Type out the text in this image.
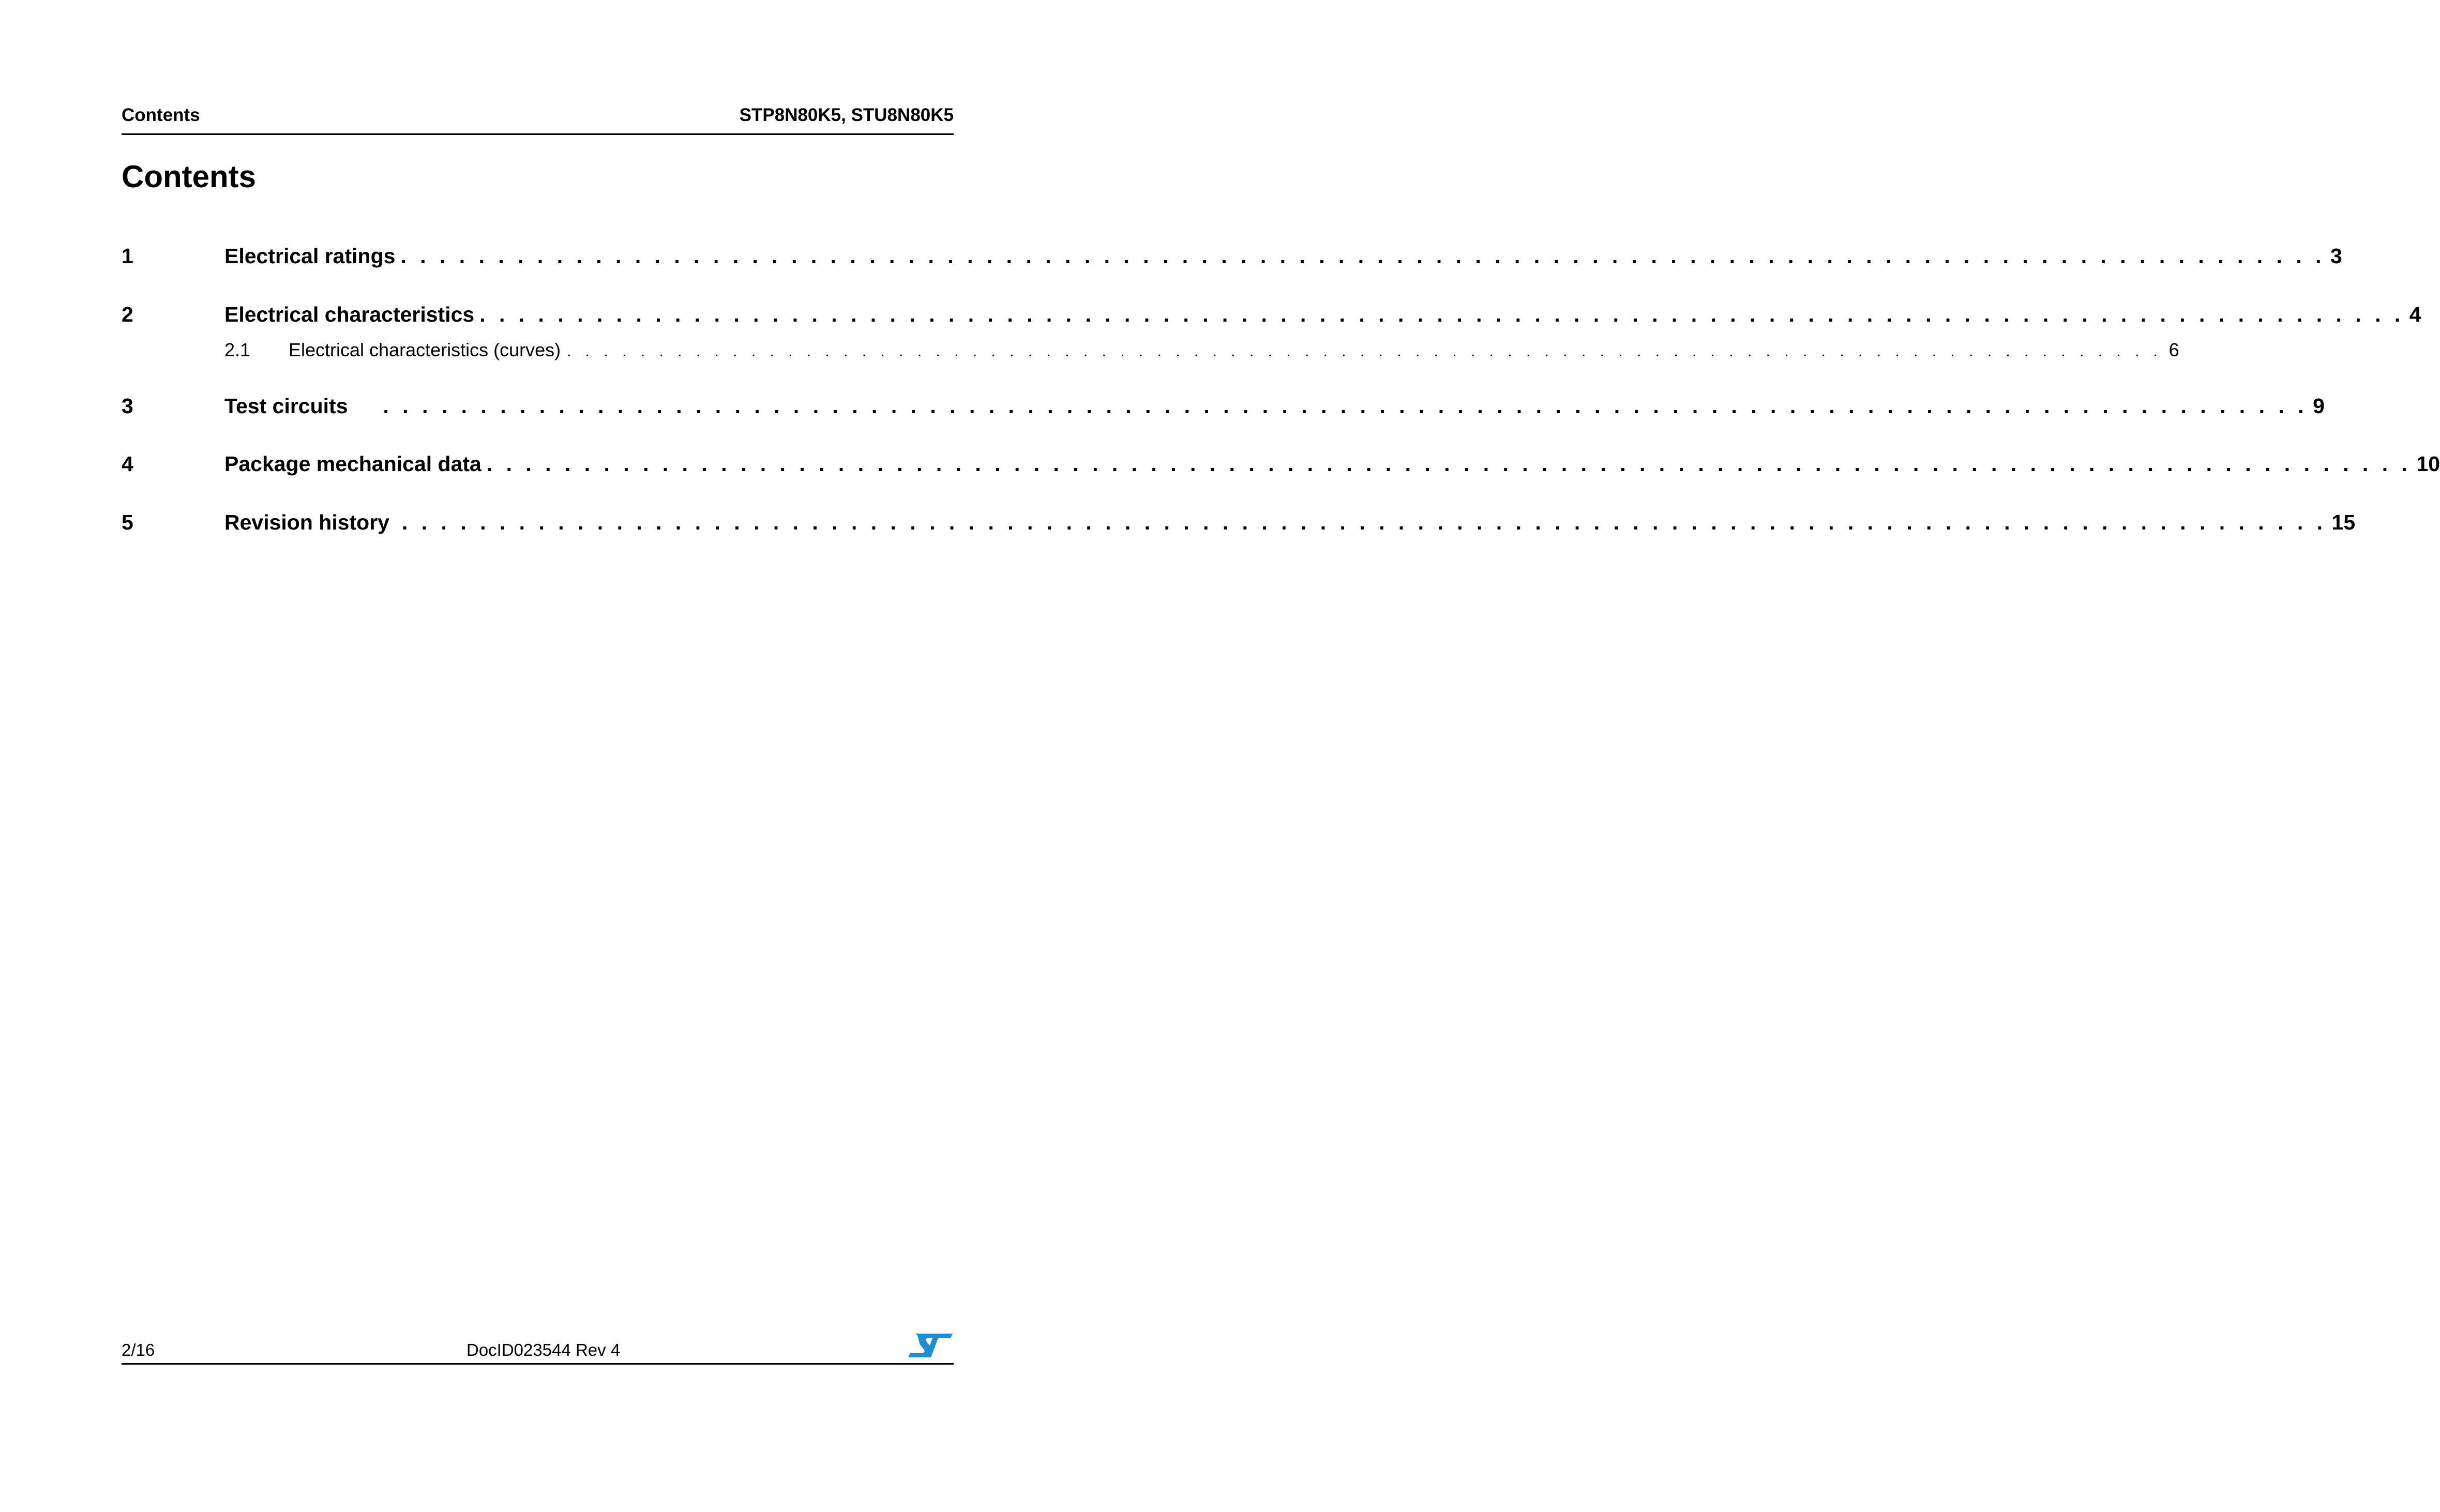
Contents	STP8N80K5, STU8N80K5
Contents
1	Electrical ratings . . . . . . . . . . . . . . . . . . . . . . . . . . . . . . . . . . . . . . . . . . . . . . . . . . . . . . . . . . . . . . . . . . . . . . . . . . . . . . . . . . . . . . . . . . . . . . . . . . . 3
2	Electrical characteristics . . . . . . . . . . . . . . . . . . . . . . . . . . . . . . . . . . . . . . . . . . . . . . . . . . . . . . . . . . . . . . . . . . . . . . . . . . . . . . . . . . . . . . . . . . . . . . . . . . . 4
2.1 Electrical characteristics (curves) . . . . . . . . . . . . . . . . . . . . . . . . . . . . . . . . . . . . . . . . . . . . . . . . . . . . . . . . . . . . . . . . . . . . . . . . . . . . . . . . . . . . . . . 6
3	Test circuits . . . . . . . . . . . . . . . . . . . . . . . . . . . . . . . . . . . . . . . . . . . . . . . . . . . . . . . . . . . . . . . . . . . . . . . . . . . . . . . . . . . . . . . . . . . . . . . . . . . 9
4	Package mechanical data . . . . . . . . . . . . . . . . . . . . . . . . . . . . . . . . . . . . . . . . . . . . . . . . . . . . . . . . . . . . . . . . . . . . . . . . . . . . . . . . . . . . . . . . . . . . . . . . . . . 10
5	Revision history . . . . . . . . . . . . . . . . . . . . . . . . . . . . . . . . . . . . . . . . . . . . . . . . . . . . . . . . . . . . . . . . . . . . . . . . . . . . . . . . . . . . . . . . . . . . . . . . . . . 15
2/16	DocID023544 Rev 4
